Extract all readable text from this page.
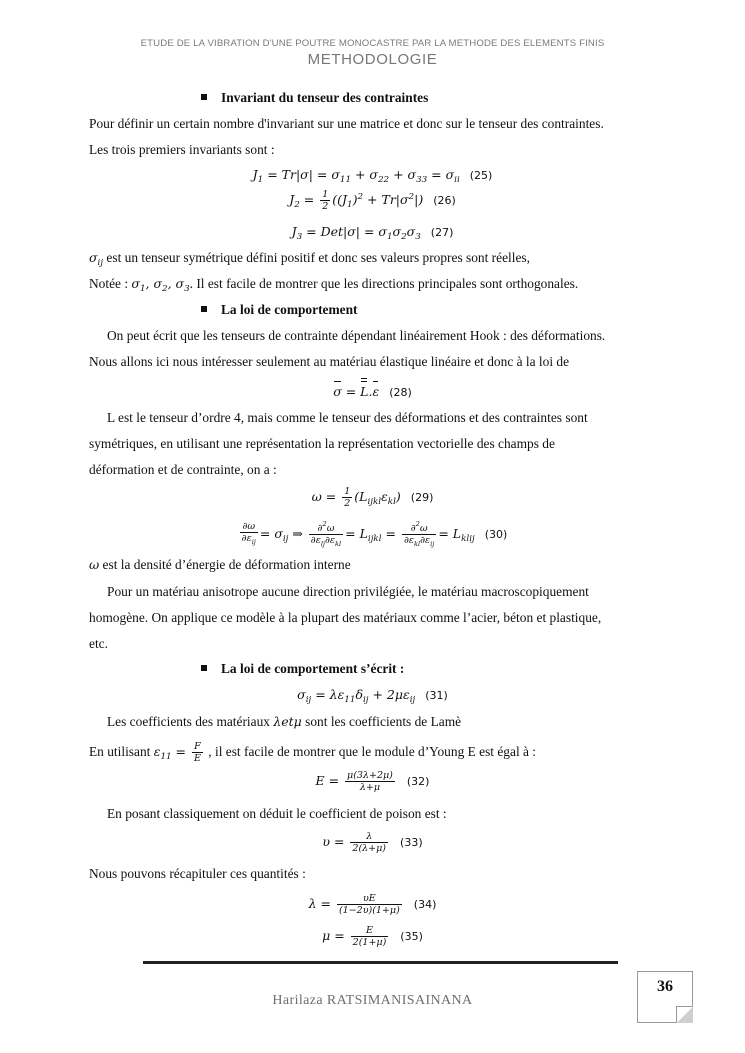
ETUDE DE LA VIBRATION D'UNE POUTRE MONOCASTRE PAR LA METHODE DES ELEMENTS FINIS
METHODOLOGIE
Invariant du tenseur des contraintes
Pour définir un certain nombre d'invariant sur une matrice et donc sur le tenseur des contraintes.
Les trois premiers invariants sont :
$J_1 = Tr|\sigma| = \sigma_{11} + \sigma_{22} + \sigma_{33} = \sigma_{ii}$ (25)
$J_2 = \frac{1}{2} ((J_1)^2 + Tr|\sigma^2|)$ (26)
$J_3 = Det|\sigma| = \sigma_1\sigma_2\sigma_3$ (27)
$\sigma_{ij}$ est un tenseur symétrique défini positif et donc ses valeurs propres sont réelles,
Notée : $\sigma_1$, $\sigma_2$, $\sigma_3$. Il est facile de montrer que les directions principales sont orthogonales.
La loi de comportement
On peut écrit que les tenseurs de contrainte dépendant linéairement Hook : des déformations.
Nous allons ici nous intéresser seulement au matériau élastique linéaire et donc à la loi de
σ = L.ε (28)
L est le tenseur d’ordre 4, mais comme le tenseur des déformations et des contraintes sont
symétriques, en utilisant une représentation la représentation vectorielle des champs de
déformation et de contrainte, on a :
$\omega = \frac{1}{2} (L_{ijkl}\varepsilon_{kl})$ (29)
$\frac{\partial\omega}{\partial\varepsilon_{ij}} = \sigma_{ij}$ ⇒ $\frac{\partial^2\omega}{\partial\varepsilon_{lj}\partial\varepsilon_{kl}} = L_{ijkl} = \frac{\partial^2\omega}{\partial\varepsilon_{kl}\partial\varepsilon_{ij}} = L_{klij}$ (30)
ω est la densité d’énergie de déformation interne
Pour un matériau anisotrope aucune direction privilégiée, le matériau macroscopiquement
homogène. On applique ce modèle à la plupart des matériaux comme l’acier, béton et plastique,
etc.
La loi de comportement s’écrit :
$\sigma_{ij} = \lambda\varepsilon_{11}\delta_{ij} + 2\mu\varepsilon_{ij}$ (31)
Les coefficients des matériaux λetμ sont les coefficients de Lamè
En utilisant $\varepsilon_{11} = \frac{F}{E}$ , il est facile de montrer que le module d’Young E est égal à :
$E = \frac{\mu(3\lambda+2\mu)}{\lambda+\mu} (32)$
En posant classiquement on déduit le coefficient de poison est :
$\upsilon = \frac{\lambda}{2(\lambda+\mu)} (33)$
Nous pouvons récapituler ces quantités :
$\lambda = \frac{\upsilon E}{(1-2\upsilon)(1+\mu)} (34)$
$\mu = \frac{E}{2(1+\mu)} (35)$
Harilaza RATSIMANISAINANA
36
